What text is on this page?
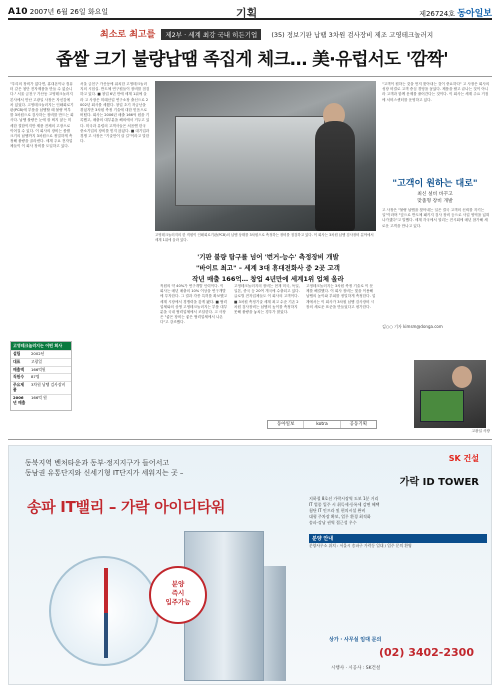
A10 2007년 6월 26일 화요일	기획	제26724호 동아일보
최소로 최고를 제2부 · 세계 최강 국내 히든기업 (35) 정보기판 납땜 3차원 검사장비 제조 고영테크놀러지
좁쌀 크기 불량납땜 족집게 체크… 美·유럽서도 '깜짝'
"우리의 장비가 없다면, 휴대폰이나 컴퓨터 같은 첨단 전자제품을 만들 수 없습니다." 서울 금천구 가산동 고영테크놀러지 본사에서 만난 고광일 사장은 자신감에 차 있었다. 고영테크놀러지는 인쇄회로기판(PCB)에 부품을 납땜할 때 불량 여부를 3차원으로 검사하는 장비를 만드는 회사다. 납땜 불량은 눈에 잘 띄지 않는 미세한 결함이지만 제품 전체의 고장으로 이어질 수 있다. 이 회사의 장비는 좁쌀 크기의 납땜까지 3차원으로 정밀하게 측정해 불량을 골라낸다. 세계 주요 전자업체들이 이 회사 장비를 도입하고 있다.
서울 금천구 가산동에 위치한 고영테크놀러지의 시험실. 반도체 연구원들이 장비를 점검하고 있다. ■ 창업 6년 만에 세계 1위에 올라 고 사장은 미래산업 연구소장 출신으로 2002년 회사를 세웠다. 창업 초기 자금난을 겪었지만 3차원 측정 기술에 대한 믿음으로 버텼다. 회사는 2006년 매출 166억 원을 기록했고, 매출의 대부분을 해외에서 거두고 있다. 미국과 유럽의 고객사들은 처음엔 한국 중소기업의 장비를 믿지 않았다. ■ 대기업과 경쟁 고 사장은 "기술만이 살 길"이라고 말한다.
고영테크놀러지의 한 직원이 인쇄회로기판(PCB)의 납땜 상태를 3차원으로 측정하는 장비를 점검하고 있다. 이 회사는 3차원 납땜 검사장비 분야에서 세계 1위에 올라 있다.
"고객이 원하는 것을 먼저 찾아내는 것이 중요하다" 고 사장은 회사의 성장 비결로 고객 중심 경영을 꼽았다. 제품을 팔고 끝나는 것이 아니라 고객과 함께 문제를 풀어간다는 것이다. 이 회사는 세계 주요 거점에 서비스센터를 운영하고 있다.
"고객이 원하는 대로"
최신 설비 바꾸고
맞춤형 장비 개발
고 사장은 "불량 납땜을 찾아내는 일은 결국 고객의 신뢰를 지키는 일"이라며 "앞으로 반도체 패키지 검사 장비 등으로 사업 영역을 넓혀 나가겠다"고 말했다. 세계 각국에서 열리는 전시회에 매년 참가해 새로운 고객을 만나고 있다.
'기판 불량 탐구를 넘어 '번거-능수' 측정장비 개발
"바이트 최고" – 세계 3대 휴대전화사 중 2곳 고객
작년 매출 166억… 창업 4년만에 세계1위 업체 올라
직원의 약 40%가 연구개발 인력이다. 이 회사는 매년 매출의 10% 이상을 연구개발에 투자한다. 그 결과 각종 특허를 확보했고 세계 시장에서 경쟁력을 갖게 됐다. ■ 협력업체와의 상생 고영테크놀러지는 부품 대부분을 국내 협력업체에서 조달한다. 고 사장은 "좋은 장비는 좋은 협력업체에서 나온다"고 강조했다.
고영테크놀러지의 장비는 현재 미국, 독일, 일본, 중국 등 20여 개국에 수출되고 있다. 글로벌 전자업체들도 이 회사의 고객이다. ■ 3차원 측정기술 세계 최고 수준 기존 2차원 검사장비는 납땜의 높이를 측정하지 못해 불량을 놓치는 경우가 많았다.
고영테크놀러지는 3차원 측정 기술로 이 문제를 해결했다. 이 회사 장비는 빛을 이용해 납땜의 높이와 부피를 정밀하게 측정한다. 업계에서는 이 회사가 3차원 납땜 검사장비 시장의 새로운 표준을 만들었다고 평가한다.
고영테크놀러지는 어떤 회사
설립	2002년
대표	고광일
매출액	166억원
직원수	87명
주요제품	3차원 납땜 검사장비
2006년 매출	166억 원
동아일보	kotra	공동기획
김○○ 기자 kimsm@donga.com
고광일 사장
동북지역 벤처타운과 동부·정지지구가 들어서고
동남권 유통단지와 신세기형 IT단지가 세워지는 곳 –
송파 IT밸리 – 가락 아이디타워
분양
즉시
입주가능
SK 건설
가락 ID TOWER
지하철 8호선 가락시장역 도보 1분 거리
IT 업종 입주 시 취득세·등록세 감면 혜택
첨단 IT 인프라 및 편의시설 완비
대형 주차장 확보, 업무 환경 최적화
송파·강남 권역 접근성 우수
분양 안내
분양사무소 위치 : 서울시 송파구 가락동 일대 / 입주 문의 환영
상가 · 사무실 임대 문의
(02) 3402-2300
시행사 · 시공사 : SK건설
